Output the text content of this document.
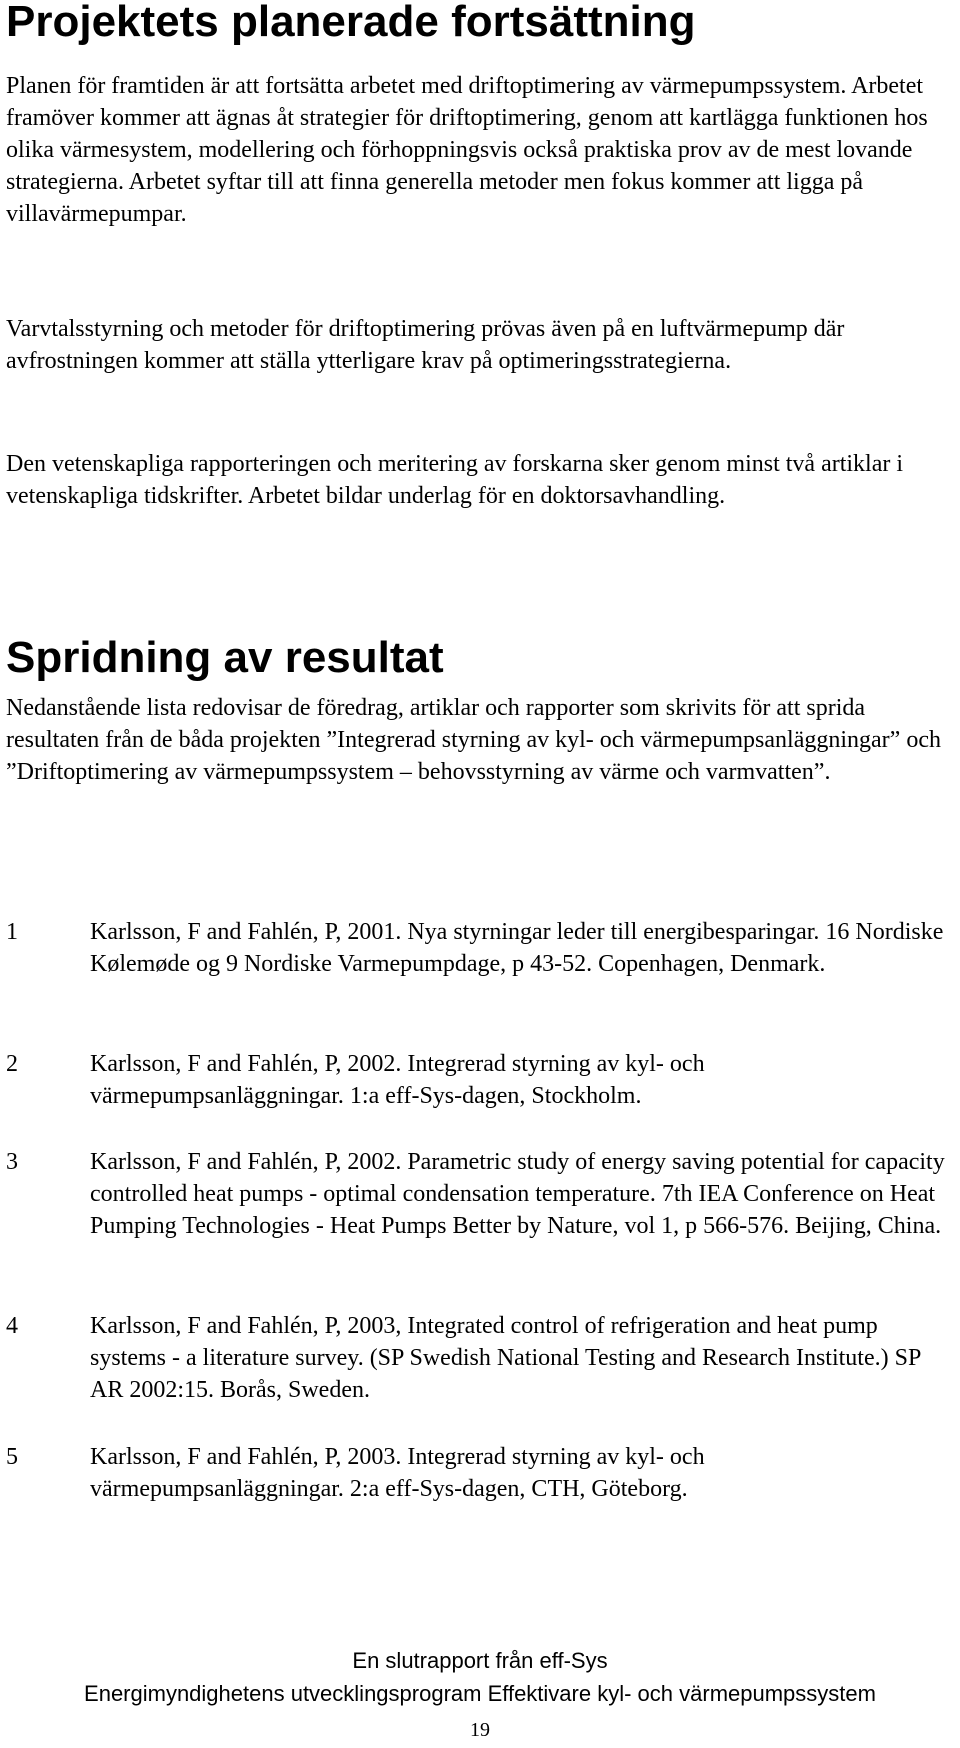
Projektets planerade fortsättning

Planen för framtiden är att fortsätta arbetet med driftoptimering av värmepumpssystem. Arbetet framöver kommer att ägnas åt strategier för driftoptimering, genom att kartlägga funktionen hos olika värmesystem, modellering och förhoppningsvis också praktiska prov av de mest lovande strategierna. Arbetet syftar till att finna generella metoder men fokus kommer att ligga på villavärmepumpar.

Varvtalsstyrning och metoder för driftoptimering prövas även på en luftvärmepump där avfrostningen kommer att ställa ytterligare krav på optimeringsstrategierna.

Den vetenskapliga rapporteringen och meritering av forskarna sker genom minst två artiklar i vetenskapliga tidskrifter. Arbetet bildar underlag för en doktorsavhandling.

Spridning av resultat

Nedanstående lista redovisar de föredrag, artiklar och rapporter som skrivits för att sprida resultaten från de båda projekten ”Integrerad styrning av kyl- och värmepumpsanläggningar” och ”Driftoptimering av värmepumpssystem – behovsstyrning av värme och varmvatten”.

1	Karlsson, F and Fahlén, P, 2001. Nya styrningar leder till energibesparingar. 16 Nordiske Kølemøde og 9 Nordiske Varmepumpdage, p 43-52. Copenhagen, Denmark.
2	Karlsson, F and Fahlén, P, 2002. Integrerad styrning av kyl- och värmepumpsanläggningar. 1:a eff-Sys-dagen, Stockholm.
3	Karlsson, F and Fahlén, P, 2002. Parametric study of energy saving potential for capacity controlled heat pumps - optimal condensation temperature. 7th IEA Conference on Heat Pumping Technologies - Heat Pumps Better by Nature, vol 1, p 566-576. Beijing, China.
4	Karlsson, F and Fahlén, P, 2003, Integrated control of refrigeration and heat pump systems - a literature survey. (SP Swedish National Testing and Research Institute.) SP AR 2002:15. Borås, Sweden.
5	Karlsson, F and Fahlén, P, 2003. Integrerad styrning av kyl- och värmepumpsanläggningar. 2:a eff-Sys-dagen, CTH, Göteborg.
En slutrapport från eff-Sys
Energimyndighetens utvecklingsprogram Effektivare kyl- och värmepumpssystem
19
